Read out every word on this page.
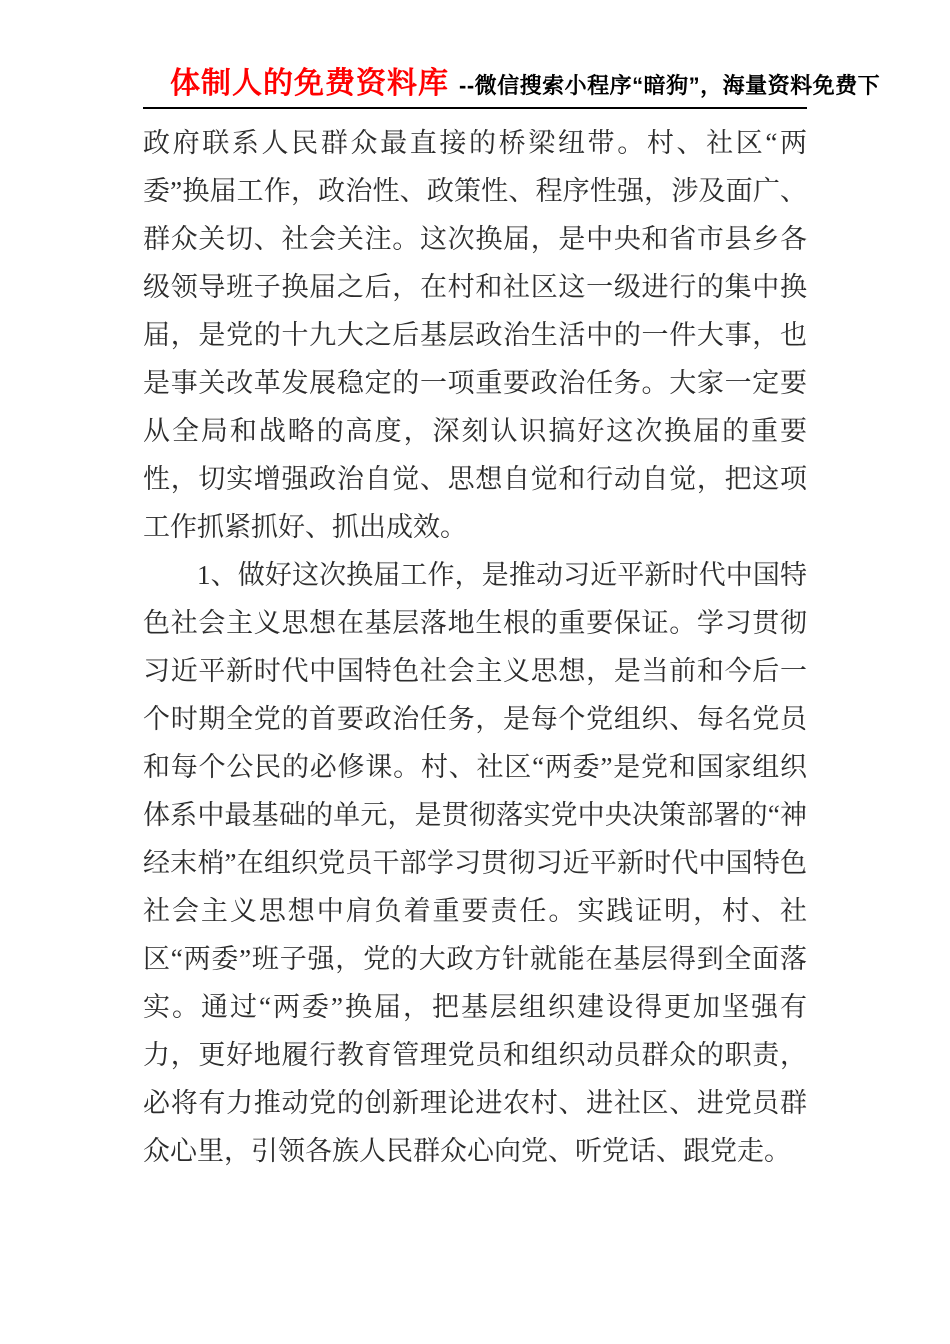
体制人的免费资料库 --微信搜索小程序“暗狗”，海量资料免费下

政府联系人民群众最直接的桥梁纽带。村、社区“两委”换届工作，政治性、政策性、程序性强，涉及面广、群众关切、社会关注。这次换届，是中央和省市县乡各级领导班子换届之后，在村和社区这一级进行的集中换届，是党的十九大之后基层政治生活中的一件大事，也是事关改革发展稳定的一项重要政治任务。大家一定要从全局和战略的高度，深刻认识搞好这次换届的重要性，切实增强政治自觉、思想自觉和行动自觉，把这项工作抓紧抓好、抓出成效。

1、做好这次换届工作，是推动习近平新时代中国特色社会主义思想在基层落地生根的重要保证。学习贯彻习近平新时代中国特色社会主义思想，是当前和今后一个时期全党的首要政治任务，是每个党组织、每名党员和每个公民的必修课。村、社区“两委”是党和国家组织体系中最基础的单元，是贯彻落实党中央决策部署的“神经末梢”在组织党员干部学习贯彻习近平新时代中国特色社会主义思想中肩负着重要责任。实践证明，村、社区“两委”班子强，党的大政方针就能在基层得到全面落实。通过“两委”换届，把基层组织建设得更加坚强有力，更好地履行教育管理党员和组织动员群众的职责，必将有力推动党的创新理论进农村、进社区、进党员群众心里，引领各族人民群众心向党、听党话、跟党走。
